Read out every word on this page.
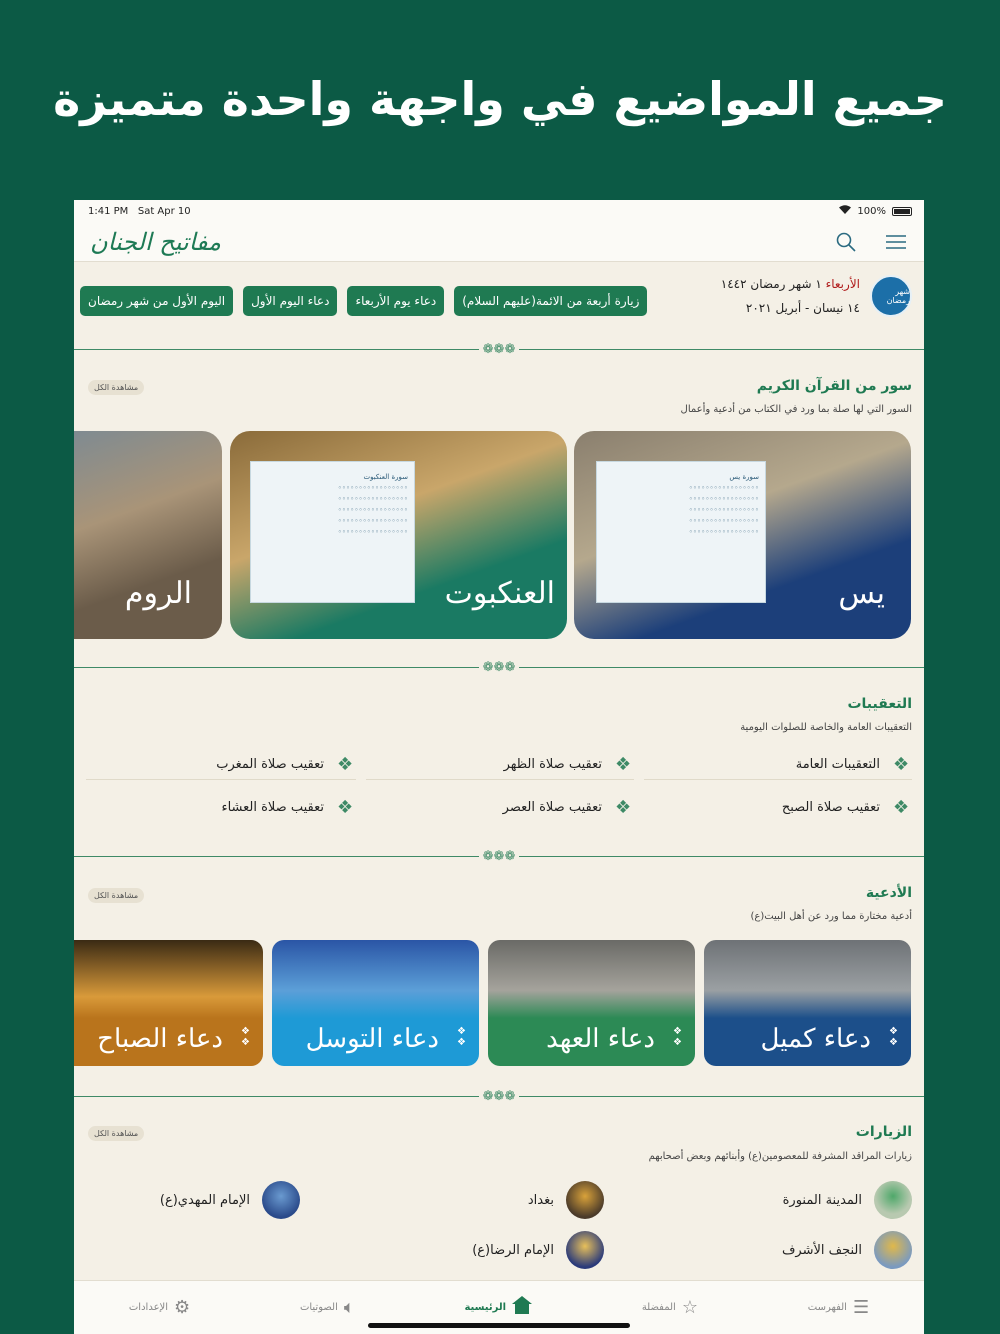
جميع المواضيع في واجهة واحدة متميزة
1:41 PM Sat Apr 10	100%
مفاتيح الجنان
شهر رمضان
الأربعاء ١ شهر رمضان ١٤٤٢
١٤ نيسان - أبريل ٢٠٢١
اليوم الأول من شهر رمضان	دعاء اليوم الأول	دعاء يوم الأربعاء	زيارة أربعة من الائمة(عليهم السلام)
❁❁❁
سور من القرآن الكريم
السور التي لها صلة بما ورد في الكتاب من أدعية وأعمال
مشاهدة الكل
سورة يس
◦◦◦◦◦◦◦◦◦◦◦◦◦◦◦◦◦
◦◦◦◦◦◦◦◦◦◦◦◦◦◦◦◦◦
◦◦◦◦◦◦◦◦◦◦◦◦◦◦◦◦◦
◦◦◦◦◦◦◦◦◦◦◦◦◦◦◦◦◦
◦◦◦◦◦◦◦◦◦◦◦◦◦◦◦◦◦
يس
سورة العنكبوت
◦◦◦◦◦◦◦◦◦◦◦◦◦◦◦◦◦
◦◦◦◦◦◦◦◦◦◦◦◦◦◦◦◦◦
◦◦◦◦◦◦◦◦◦◦◦◦◦◦◦◦◦
◦◦◦◦◦◦◦◦◦◦◦◦◦◦◦◦◦
◦◦◦◦◦◦◦◦◦◦◦◦◦◦◦◦◦
العنكبوت
الروم
❁❁❁
التعقيبات
التعقيبات العامة والخاصة للصلوات اليومية
❖
التعقيبات العامة
❖
تعقيب صلاة الظهر
❖
تعقيب صلاة المغرب
❖
تعقيب صلاة الصبح
❖
تعقيب صلاة العصر
❖
تعقيب صلاة العشاء
❁❁❁
الأدعية
أدعية مختارة مما ورد عن أهل البيت(ع)
مشاهدة الكل
دعاء كميل ❖
❖
دعاء العهد ❖
❖
دعاء التوسل ❖
❖
دعاء الصباح ❖
❖
❁❁❁
الزيارات
زيارات المراقد المشرفة للمعصومين(ع) وأبنائهم وبعض أصحابهم
مشاهدة الكل
المدينة المنورة
بغداد
الإمام المهدي(ع)
النجف الأشرف
الإمام الرضا(ع)
☰
الفهرست
☆
المفضلة
الرئيسية
🔈︎
الصوتيات
⚙
الإعدادات
